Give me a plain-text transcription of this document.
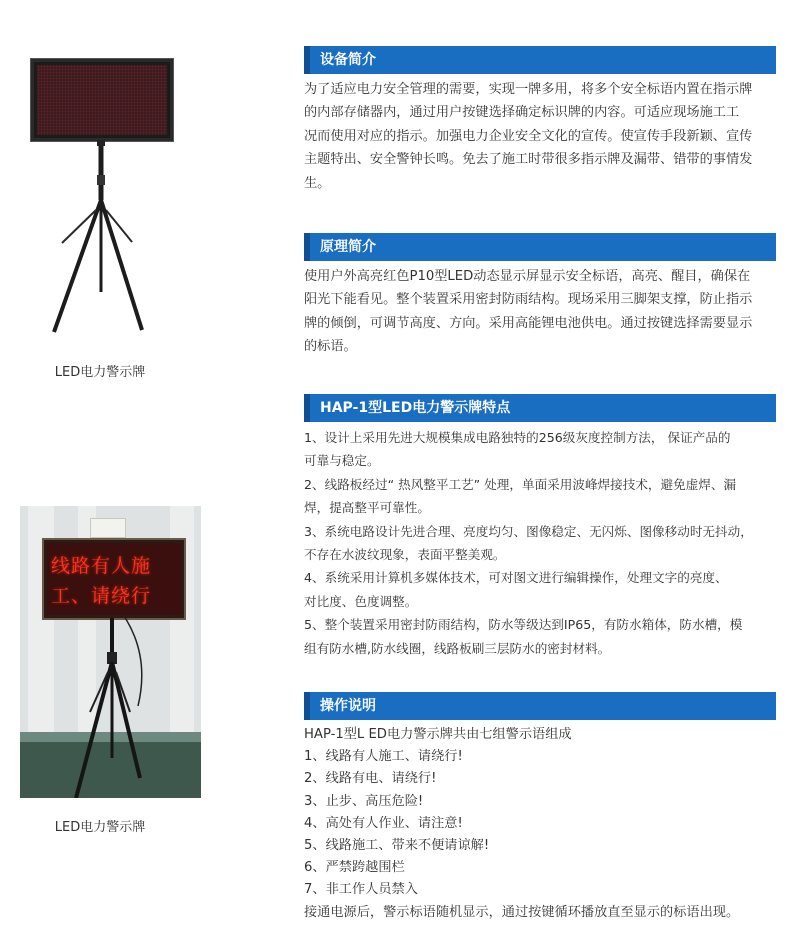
LED电力警示牌
线路有人施
工、请绕行
LED电力警示牌
设备简介

为了适应电力安全管理的需要，实现一牌多用，将多个安全标语内置在指示牌

的内部存储器内，通过用户按键选择确定标识牌的内容。可适应现场施工工

况而使用对应的指示。加强电力企业安全文化的宣传。使宣传手段新颖、宣传

主题特出、安全警钟长鸣。免去了施工时带很多指示牌及漏带、错带的事情发

生。

原理简介

使用户外高亮红色P10型LED动态显示屏显示安全标语，高亮、醒目，确保在

阳光下能看见。整个装置采用密封防雨结构。现场采用三脚架支撑，防止指示

牌的倾倒，可调节高度、方向。采用高能锂电池供电。通过按键选择需要显示

的标语。

HAP-1型LED电力警示牌特点

1、设计上采用先进大规模集成电路独特的256级灰度控制方法， 保证产品的

可靠与稳定。

2、线路板经过“ 热风整平工艺” 处理，单面采用波峰焊接技术，避免虚焊、漏

焊，提高整平可靠性。

3、系统电路设计先进合理、亮度均匀、图像稳定、无闪烁、图像移动时无抖动，

不存在水波纹现象，表面平整美观。

4、系统采用计算机多媒体技术，可对图文进行编辑操作，处理文字的亮度、

对比度、色度调整。

5、整个装置采用密封防雨结构，防水等级达到IP65，有防水箱体，防水槽，模

组有防水槽,防水线圈，线路板刷三层防水的密封材料。

操作说明

HAP-1型L ED电力警示牌共由七组警示语组成

1、线路有人施工、请绕行!

2、线路有电、请绕行!

3、止步、高压危险!

4、高处有人作业、请注意!

5、线路施工、带来不便请谅解!

6、严禁跨越围栏

7、非工作人员禁入

接通电源后，警示标语随机显示，通过按键循环播放直至显示的标语出现。
